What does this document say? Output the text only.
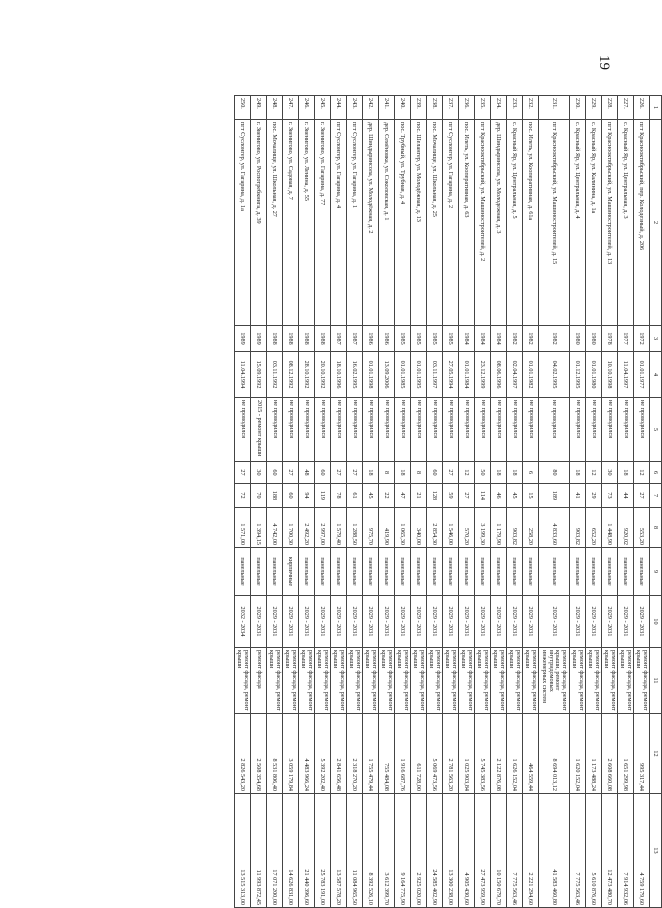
19
1	2	3	4	5	6	7	8	9	10	11	12	13
226.	пгт Краснооктябрьский, пер. Колодезный, д. 206	1972	01.01.1977	не проводился	12	27	553,20	панельные	2029 - 2031	ремонт фасада, ремонт крыши	995 317,44	4 759 179,60
227.	с. Красный Яр, ул. Центральная, д. 3	1977	11.04.1997	не проводился	18	44	920,02	панельные	2029 - 2031	ремонт фасада, ремонт крыши	1 651 299,98	7 914 932,06
228.	пгт Краснооктябрьский, ул. Машиностроителей, д. 13	1978	10.10.1998	не проводился	30	73	1 448,90	панельные	2029 - 2031	ремонт фасада, ремонт крыши	2 608 660,08	12 473 480,70
229.	с. Красный Яр, ул. Калинина, д. 1а	1980	01.01.1980	не проводился	12	29	652,20	панельные	2029 - 2031	ремонт фасада, ремонт крыши	1 173 488,24	5 610 876,60
230.	с. Красный Яр, ул. Центральная, д. 4	1980	01.12.1995	не проводился	18	41	903,82	панельные	2029 - 2031	ремонт фасада, ремонт крыши	1 620 152,04	7 775 563,46
231.	пгт Краснооктябрьский, ул. Машиностроителей, д. 15	1982	04.02.1995	не проводился	80	189	4 833,60	панельные	2029 - 2031	ремонт фасада, ремонт крыши, ремонт внутридомовых инженерных систем	8 694 013,12	41 583 460,80
232.	пос. Илеть, ул. Кооперативная, д. 61а	1982	01.01.1982	не проводился	6	15	258,20	панельные	2029 - 2031	ремонт фасада, ремонт крыши	464 559,44	2 221 294,60
233.	с. Красный Яр, ул. Центральная, д. 5	1982	02.04.1997	не проводился	18	45	903,82	панельные	2029 - 2031	ремонт фасада, ремонт крыши	1 626 152,04	7 775 563,46
234.	дер. Шиндыринсола, ул. Молодежная, д. 3	1984	08.06.1996	не проводился	18	46	1 179,90	панельные	2029 - 2031	ремонт фасада, ремонт крыши	2 122 876,08	10 150 679,70
235.	пгт Краснооктябрьский, ул. Машиностроителей, д. 2	1984	23.12.1999	не проводился	50	114	3 199,30	панельные	2029 - 2031	ремонт фасада, ремонт крыши	5 745 383,56	27 473 959,90
236.	пос. Илеть, ул. Кооперативная, д. 63	1984	01.01.1984	не проводился	12	27	570,20	панельные	2029 - 2031	ремонт фасада, ремонт крыши	1 025 903,84	4 905 430,60
237.	пгт Суслонгер, ул. Гагарина, д. 2	1985	27.05.1994	не проводился	27	59	1 546,00	панельные	2029 - 2031	ремонт фасада, ремонт крыши	2 781 563,20	13 300 238,00
238.	пос. Мочалище, ул. Школьная, д. 25	1985	03.11.1997	не проводился	60	128	2 854,30	панельные	2029 - 2031	ремонт фасада, ремонт крыши	5 069 473,56	24 585 402,90
239.	пос. Шелангер, ул. Молодёжная, д. 13	1985	01.01.1995	не проводился	8	21	340,00	панельные	2029 - 2031	ремонт фасада, ремонт крыши	611 728,00	2 925 020,00
240.	пос. Трубный, ул. Трубная, д. 4	1985	01.01.1985	не проводился	18	47	1 065,30	панельные	2029 - 2031	ремонт фасада, ремонт крыши	1 916 687,76	9 164 775,90
241.	дер. Семёновка, ул. Соколовская, д. 1	1986	13.09.2006	не проводился	8	22	419,90	панельные	2029 - 2031	ремонт фасада, ремонт крыши	755 484,08	3 612 399,70
242.	дер. Шиндыринсола, ул. Молодёжная, д. 2	1986	01.01.1998	не проводился	18	45	975,70	панельные	2029 - 2031	ремонт фасада, ремонт крыши	1 755 479,44	8 392 526,10
243.	пгт Суслонгер, ул. Гагарина, д. 1	1987	16.02.1995	не проводился	27	61	1 288,50	панельные	2029 - 2031	ремонт фасада, ремонт крыши	2 318 270,20	11 084 965,50
244.	пгт Суслонгер, ул. Гагарина, д. 4	1987	18.10.1996	не проводился	27	78	1 579,40	панельные	2029 - 2031	ремонт фасада, ремонт крыши	2 841 656,48	13 587 578,20
245.	г. Звенигово, ул. Гагарина, д. 77	1988	20.10.1992	не проводился	60	119	2 997,00	панельные	2029 - 2031	ремонт фасада, ремонт крыши	5 392 202,40	25 783 191,00
246.	г. Звенигово, ул. Ленина, д. 55	1988	28.10.1992	не проводился	48	94	2 492,20	панельные	2029 - 2031	ремонт фасада, ремонт крыши	4 483 966,24	21 440 396,60
247.	г. Звенигово, ул. Садовая, д. 7	1988	08.12.1992	не проводился	27	60	1 700,30	кирпичные	2029 - 2031	ремонт фасада, ремонт крыши	3 059 179,84	14 626 831,00
248.	пос. Мочалище, ул. Школьная, д. 27	1988	03.11.1992	не проводился	60	188	4 742,00	панельные	2029 - 2031	ремонт фасада, ремонт крыши	8 531 806,40	17 071 200,00
249.	г. Звенигово, ул. Роспотребкнига, д. 39	1989	15.09.1992	2015 - ремонт крыши	30	70	1 394,15	панельные	2029 - 2031	ремонт фасада	2 508 354,68	11 993 872,45
250.	пгт Суслонгер, ул. Гагарина, д. 1а	1989	11.04.1994	не проводился	27	72	1 571,00	панельные	2032 - 2034	ремонт фасада, ремонт крыши	2 826 543,20	13 515 313,00
